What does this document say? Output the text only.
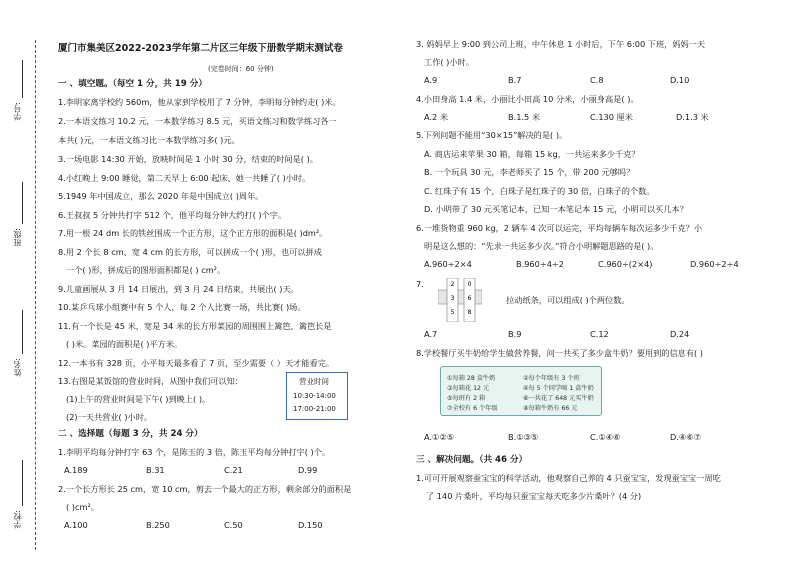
学号:
班级:
姓名:
学校:
厦门市集美区2022-2023学年第二片区三年级下册数学期末测试卷
(完卷时间：60 分钟)
一 、填空题。（每空 1 分，共 19 分）
1.李明家离学校约 560m，他从家到学校用了 7 分钟，李明每分钟约走( )米。
2.一本语文练习 10.2 元，一本数学练习 8.5 元，买语文练习和数学练习各一
本共( )元，一本语文练习比一本数学练习多( )元。
3.一场电影 14:30 开始，放映时间是 1 小时 30 分，结束的时间是( )。
4.小红晚上 9:00 睡觉，第二天早上 6:00 起床，她一共睡了( )小时。
5.1949 年中国成立，那么 2020 年是中国成立( )周年。
6.王叔叔 5 分钟共打字 512 个，他平均每分钟大约打( )个字。
7.用一根 24 dm 长的铁丝围成一个正方形，这个正方形的面积是( )dm²。
8.用 2 个长 8 cm、宽 4 cm 的长方形，可以拼成一个( )形，也可以拼成
一个( )形，拼成后的图形面积都是( ) cm²。
9.儿童画展从 3 月 14 日展出，到 3 月 24 日结束，共展出( )天。
10.某乒乓球小组赛中有 5 个人，每 2 个人比赛一场，共比赛( )场。
11.有一个长是 45 米，宽是 34 米的长方形菜园的周围围上篱笆，篱笆长是
( )米。菜园的面积是( )平方米。
12.一本书有 328 页，小平每天最多看了 7 页，至少需要（ ）天才能看完。
13.右图是某饭馆的营业时间，从图中我们可以知：
(1)上午的营业时间是下午( )到晚上( )。
(2)一天共营业( )小时。
营业时间
10:30-14:00
17:00-21:00
二 、选择题（每题 3 分，共 24 分）
1.李明平均每分钟打字 63 个，是陈玉的 3 倍，陈玉平均每分钟打字( )个。
A.189	B.31	C.21	D.99
2.一个长方形长 25 cm，宽 10 cm，剪去一个最大的正方形，剩余部分的面积是
( )cm²。
A.100	B.250	C.50	D.150
3. 妈妈早上 9:00 到公司上班，中午休息 1 小时后，下午 6:00 下班，妈妈一天
工作( )小时。
A.9	B.7	C.8	D.10
4.小田身高 1.4 米，小丽比小田高 10 分米，小丽身高是( )。
A.2 米	B.1.5 米	C.130 厘米	D.1.3 米
5.下列问题不能用“30×15”解决的是( )。
A. 商店运来苹果 30 箱，每箱 15 kg，一共运来多少千克？
B. 一个玩具 30 元，李老师买了 15 个，带 200 元够吗？
C. 红珠子有 15 个，白珠子是红珠子的 30 倍，白珠子的个数。
D. 小明带了 30 元买笔记本，已知一本笔记本 15 元，小明可以买几本？
6.一堆货物重 960 kg，2 辆车 4 次可以运完，平均每辆车每次运多少千克？小
明是这么想的：“先求一共运多少次。”符合小明解题思路的是( )。
A.960÷2×4	B.960÷4÷2	C.960÷(2×4)	D.960÷2÷4
7.
拉动纸条，可以组成( )个两位数。
A.7	B.9	C.12	D.24
8.学校餐厅买牛奶给学生做营养餐，问一共买了多少盒牛奶？要用到的信息有( )
A.①②⑤	B.①③⑤	C.①④⑥	D.④⑥⑦
三 、解决问题。（共 46 分）
1.可可开展观察蚕宝宝的科学活动，他观察自己养的 4 只蚕宝宝，发现蚕宝宝一周吃
了 140 片桑叶，平均每只蚕宝宝每天吃多少片桑叶？(4 分)
2
3
5
0
6
8
①每箱 28 盒牛奶	②每个年级有 3 个班
③每箱花 12 元	④每 5 个同学喝 1 盒牛奶
⑤每班有 2 箱	⑥一共花了 648 元买牛奶
⑦全校有 6 个年级	⑧每箱牛奶有 66 元
